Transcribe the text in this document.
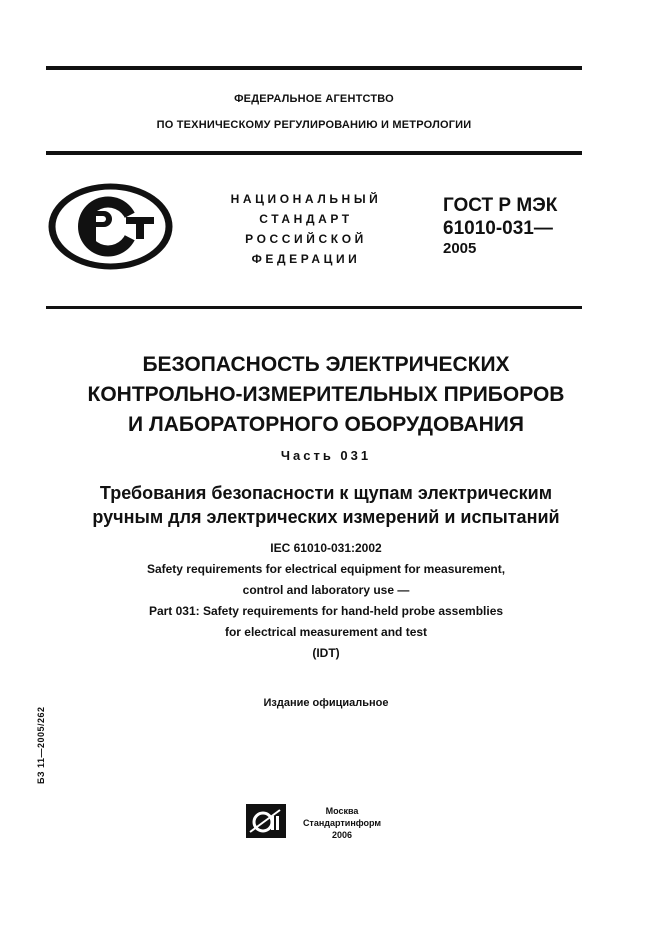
ФЕДЕРАЛЬНОЕ АГЕНТСТВО
ПО ТЕХНИЧЕСКОМУ РЕГУЛИРОВАНИЮ И МЕТРОЛОГИИ
НАЦИОНАЛЬНЫЙ
СТАНДАРТ
РОССИЙСКОЙ
ФЕДЕРАЦИИ
ГОСТ Р МЭК
61010-031—
2005
БЕЗОПАСНОСТЬ ЭЛЕКТРИЧЕСКИХ
КОНТРОЛЬНО-ИЗМЕРИТЕЛЬНЫХ ПРИБОРОВ
И ЛАБОРАТОРНОГО ОБОРУДОВАНИЯ
Часть 031
Требования безопасности к щупам электрическим
ручным для электрических измерений и испытаний
IEC 61010-031:2002
Safety requirements for electrical equipment for measurement,
control and laboratory use —
Part 031: Safety requirements for hand-held probe assemblies
for electrical measurement and test
(IDT)
Издание официальное
БЗ 11—2005/262
Москва
Стандартинформ
2006
